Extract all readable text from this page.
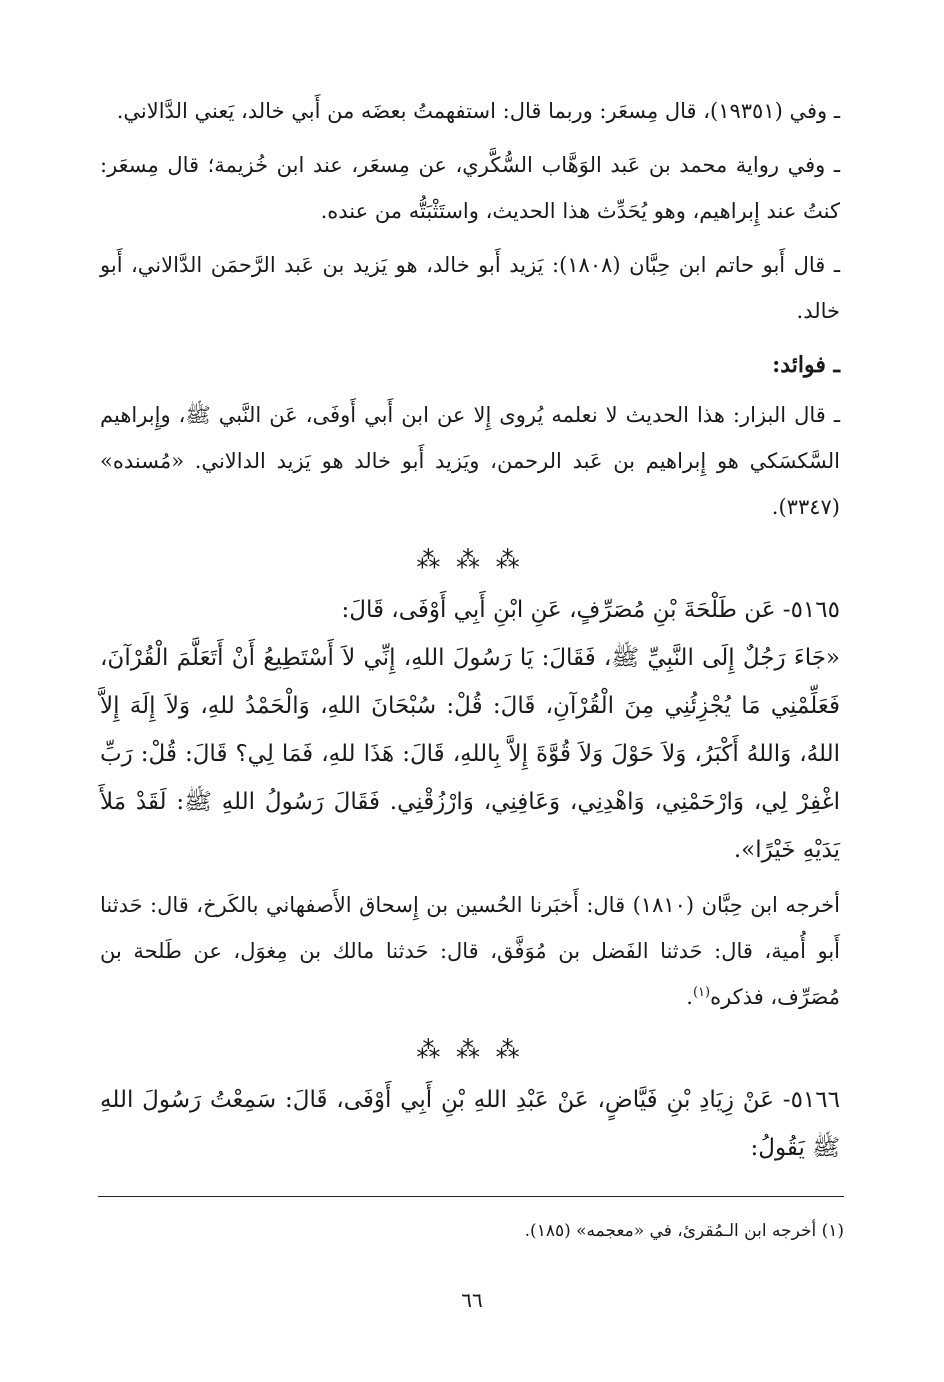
ـ وفي (١٩٣٥١)، قال مِسعَر: وربما قال: استفهمتُ بعضَه من أَبي خالد، يَعني الدَّالاني.

ـ وفي رواية محمد بن عَبد الوَهَّاب السُّكَّري، عن مِسعَر، عند ابن خُزيمة؛ قال مِسعَر: كنتُ عند إِبراهيم، وهو يُحَدِّث هذا الحديث، واستَثْبَتُّه من عنده.

ـ قال أَبو حاتم ابن حِبَّان (١٨٠٨): يَزيد أَبو خالد، هو يَزيد بن عَبد الرَّحمَن الدَّالاني، أَبو خالد.

ـ فوائد:

ـ قال البزار: هذا الحديث لا نعلمه يُروى إِلا عن ابن أَبي أَوفَى، عَن النَّبي ﷺ، وإِبراهيم السَّكسَكي هو إِبراهيم بن عَبد الرحمن، ويَزيد أَبو خالد هو يَزيد الدالاني. «مُسنده» (٣٣٤٧).

⁂ ⁂ ⁂

٥١٦٥- عَن طَلْحَةَ بْنِ مُصَرِّفٍ، عَنِ ابْنِ أَبِي أَوْفَى، قَالَ:

«جَاءَ رَجُلٌ إِلَى النَّبِيِّ ﷺ، فَقَالَ: يَا رَسُولَ اللهِ، إِنِّي لاَ أَسْتَطِيعُ أَنْ أَتَعَلَّمَ الْقُرْآنَ، فَعَلِّمْنِي مَا يُجْزِئُنِي مِنَ الْقُرْآنِ، قَالَ: قُلْ: سُبْحَانَ اللهِ، وَالْحَمْدُ للهِ، وَلاَ إِلَهَ إِلاَّ اللهُ، وَاللهُ أَكْبَرُ، وَلاَ حَوْلَ وَلاَ قُوَّةَ إِلاَّ بِاللهِ، قَالَ: هَذَا للهِ، فَمَا لِي؟ قَالَ: قُلْ: رَبِّ اغْفِرْ لِي، وَارْحَمْنِي، وَاهْدِنِي، وَعَافِنِي، وَارْزُقْنِي. فَقَالَ رَسُولُ اللهِ ﷺ: لَقَدْ مَلأَ يَدَيْهِ خَيْرًا».

أخرجه ابن حِبَّان (١٨١٠) قال: أَخبَرنا الحُسين بن إِسحاق الأَصفهاني بالكَرخ، قال: حَدثنا أَبو أُمية، قال: حَدثنا الفَضل بن مُوَفَّق، قال: حَدثنا مالك بن مِغوَل، عن طَلحة بن مُصَرِّف، فذكره$^{(١)}$.

⁂ ⁂ ⁂

٥١٦٦- عَنْ زِيَادِ بْنِ فَيَّاضٍ، عَنْ عَبْدِ اللهِ بْنِ أَبِي أَوْفَى، قَالَ: سَمِعْتُ رَسُولَ اللهِ ﷺ يَقُولُ:

(١) أخرجه ابن الـمُقرئ، في «معجمه» (١٨٥).
٦٦
